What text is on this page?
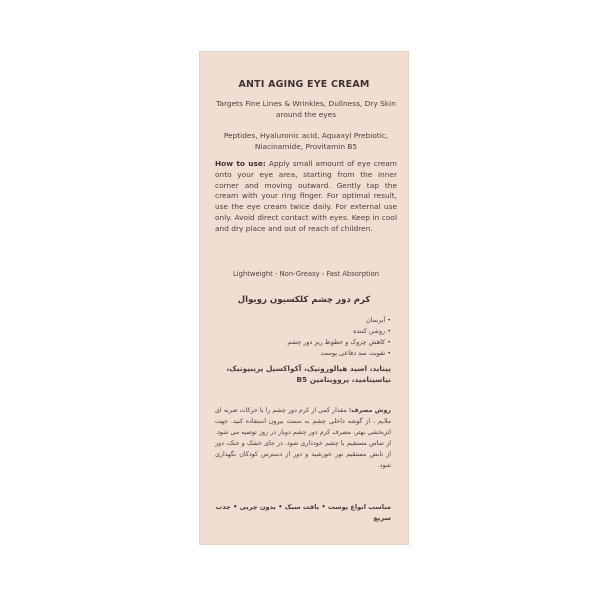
ANTI AGING EYE CREAM
Targets Fine Lines & Wrinkles, Dullness, Dry Skin around the eyes
Peptides, Hyaluronic acid, Aquaxyl Prebiotic, Niacinamide, Provitamin B5
How to use: Apply small amount of eye cream onto your eye area, starting from the inner corner and moving outward. Gently tap the cream with your ring finger. For optimal result, use the eye cream twice daily. For external use only. Avoid direct contact with eyes. Keep in cool and dry place and out of reach of children.
Lightweight - Non-Greasy - Fast Absorption
کرم دور چشم کلکسیون رویوال
• آبرسان
• روشن کننده
• کاهش چروک و خطوط ریز دور چشم
• تقویت سد دفاعی پوست
پپتاید، اسید هیالورونیک، آکواکسیل پریبیوتیک، نیاسینامید، پروویتامین B5
روش مصرف: مقدار کمی از کرم دور چشم را با حرکات ضربه ای ملایم ، از گوشه داخلی چشم به سمت بیرون استفاده کنید. جهت اثربخشی بهتر، مصرف کرم دور چشم دوبار در روز توصیه می شود. از تماس مستقیم با چشم خودداری شود. در جای خشک و خنک، دور از تابش مستقیم نور خورشید و دور از دسترس کودکان نگهداری شود.
مناسب انواع پوست • بافت سبک • بدون چربی • جذب سریع
